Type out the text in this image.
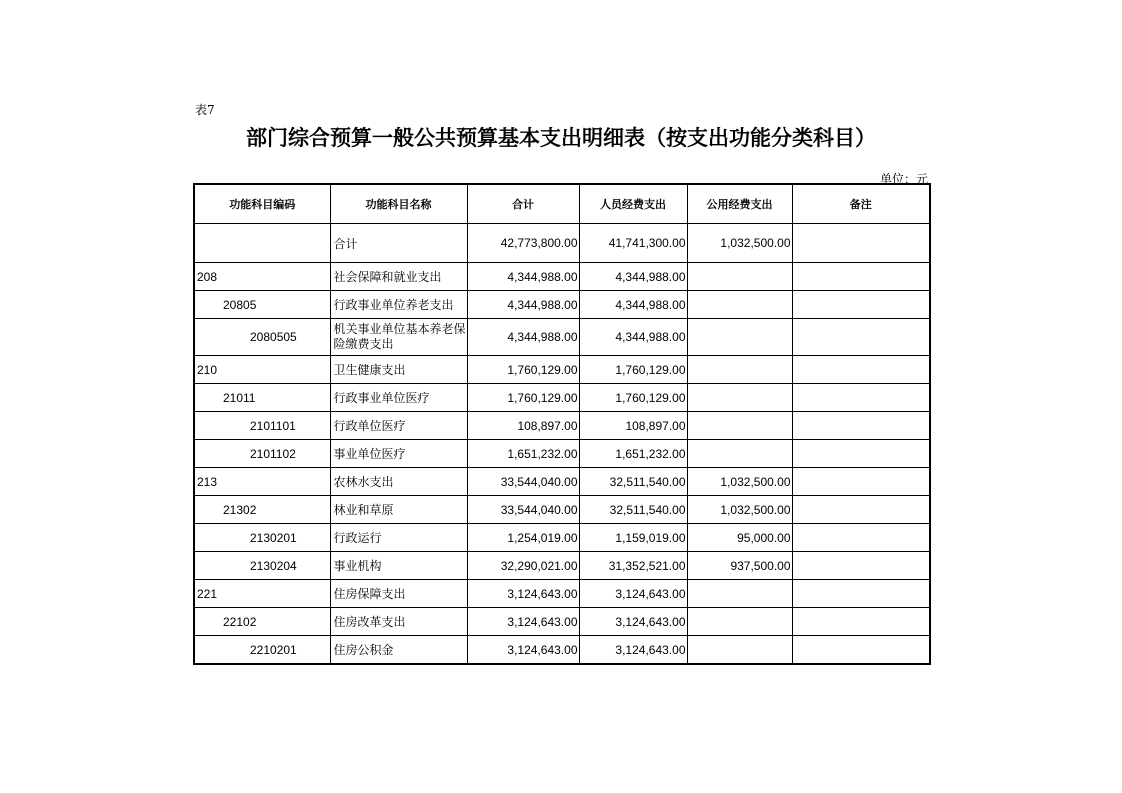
表7
部门综合预算一般公共预算基本支出明细表（按支出功能分类科目）
单位：元
功能科目编码	功能科目名称	合计	人员经费支出	公用经费支出	备注
	合计	42,773,800.00	41,741,300.00	1,032,500.00	
208	社会保障和就业支出	4,344,988.00	4,344,988.00		
20805	行政事业单位养老支出	4,344,988.00	4,344,988.00		
2080505	机关事业单位基本养老保险缴费支出	4,344,988.00	4,344,988.00		
210	卫生健康支出	1,760,129.00	1,760,129.00		
21011	行政事业单位医疗	1,760,129.00	1,760,129.00		
2101101	行政单位医疗	108,897.00	108,897.00		
2101102	事业单位医疗	1,651,232.00	1,651,232.00		
213	农林水支出	33,544,040.00	32,511,540.00	1,032,500.00	
21302	林业和草原	33,544,040.00	32,511,540.00	1,032,500.00	
2130201	行政运行	1,254,019.00	1,159,019.00	95,000.00	
2130204	事业机构	32,290,021.00	31,352,521.00	937,500.00	
221	住房保障支出	3,124,643.00	3,124,643.00		
22102	住房改革支出	3,124,643.00	3,124,643.00		
2210201	住房公积金	3,124,643.00	3,124,643.00		
